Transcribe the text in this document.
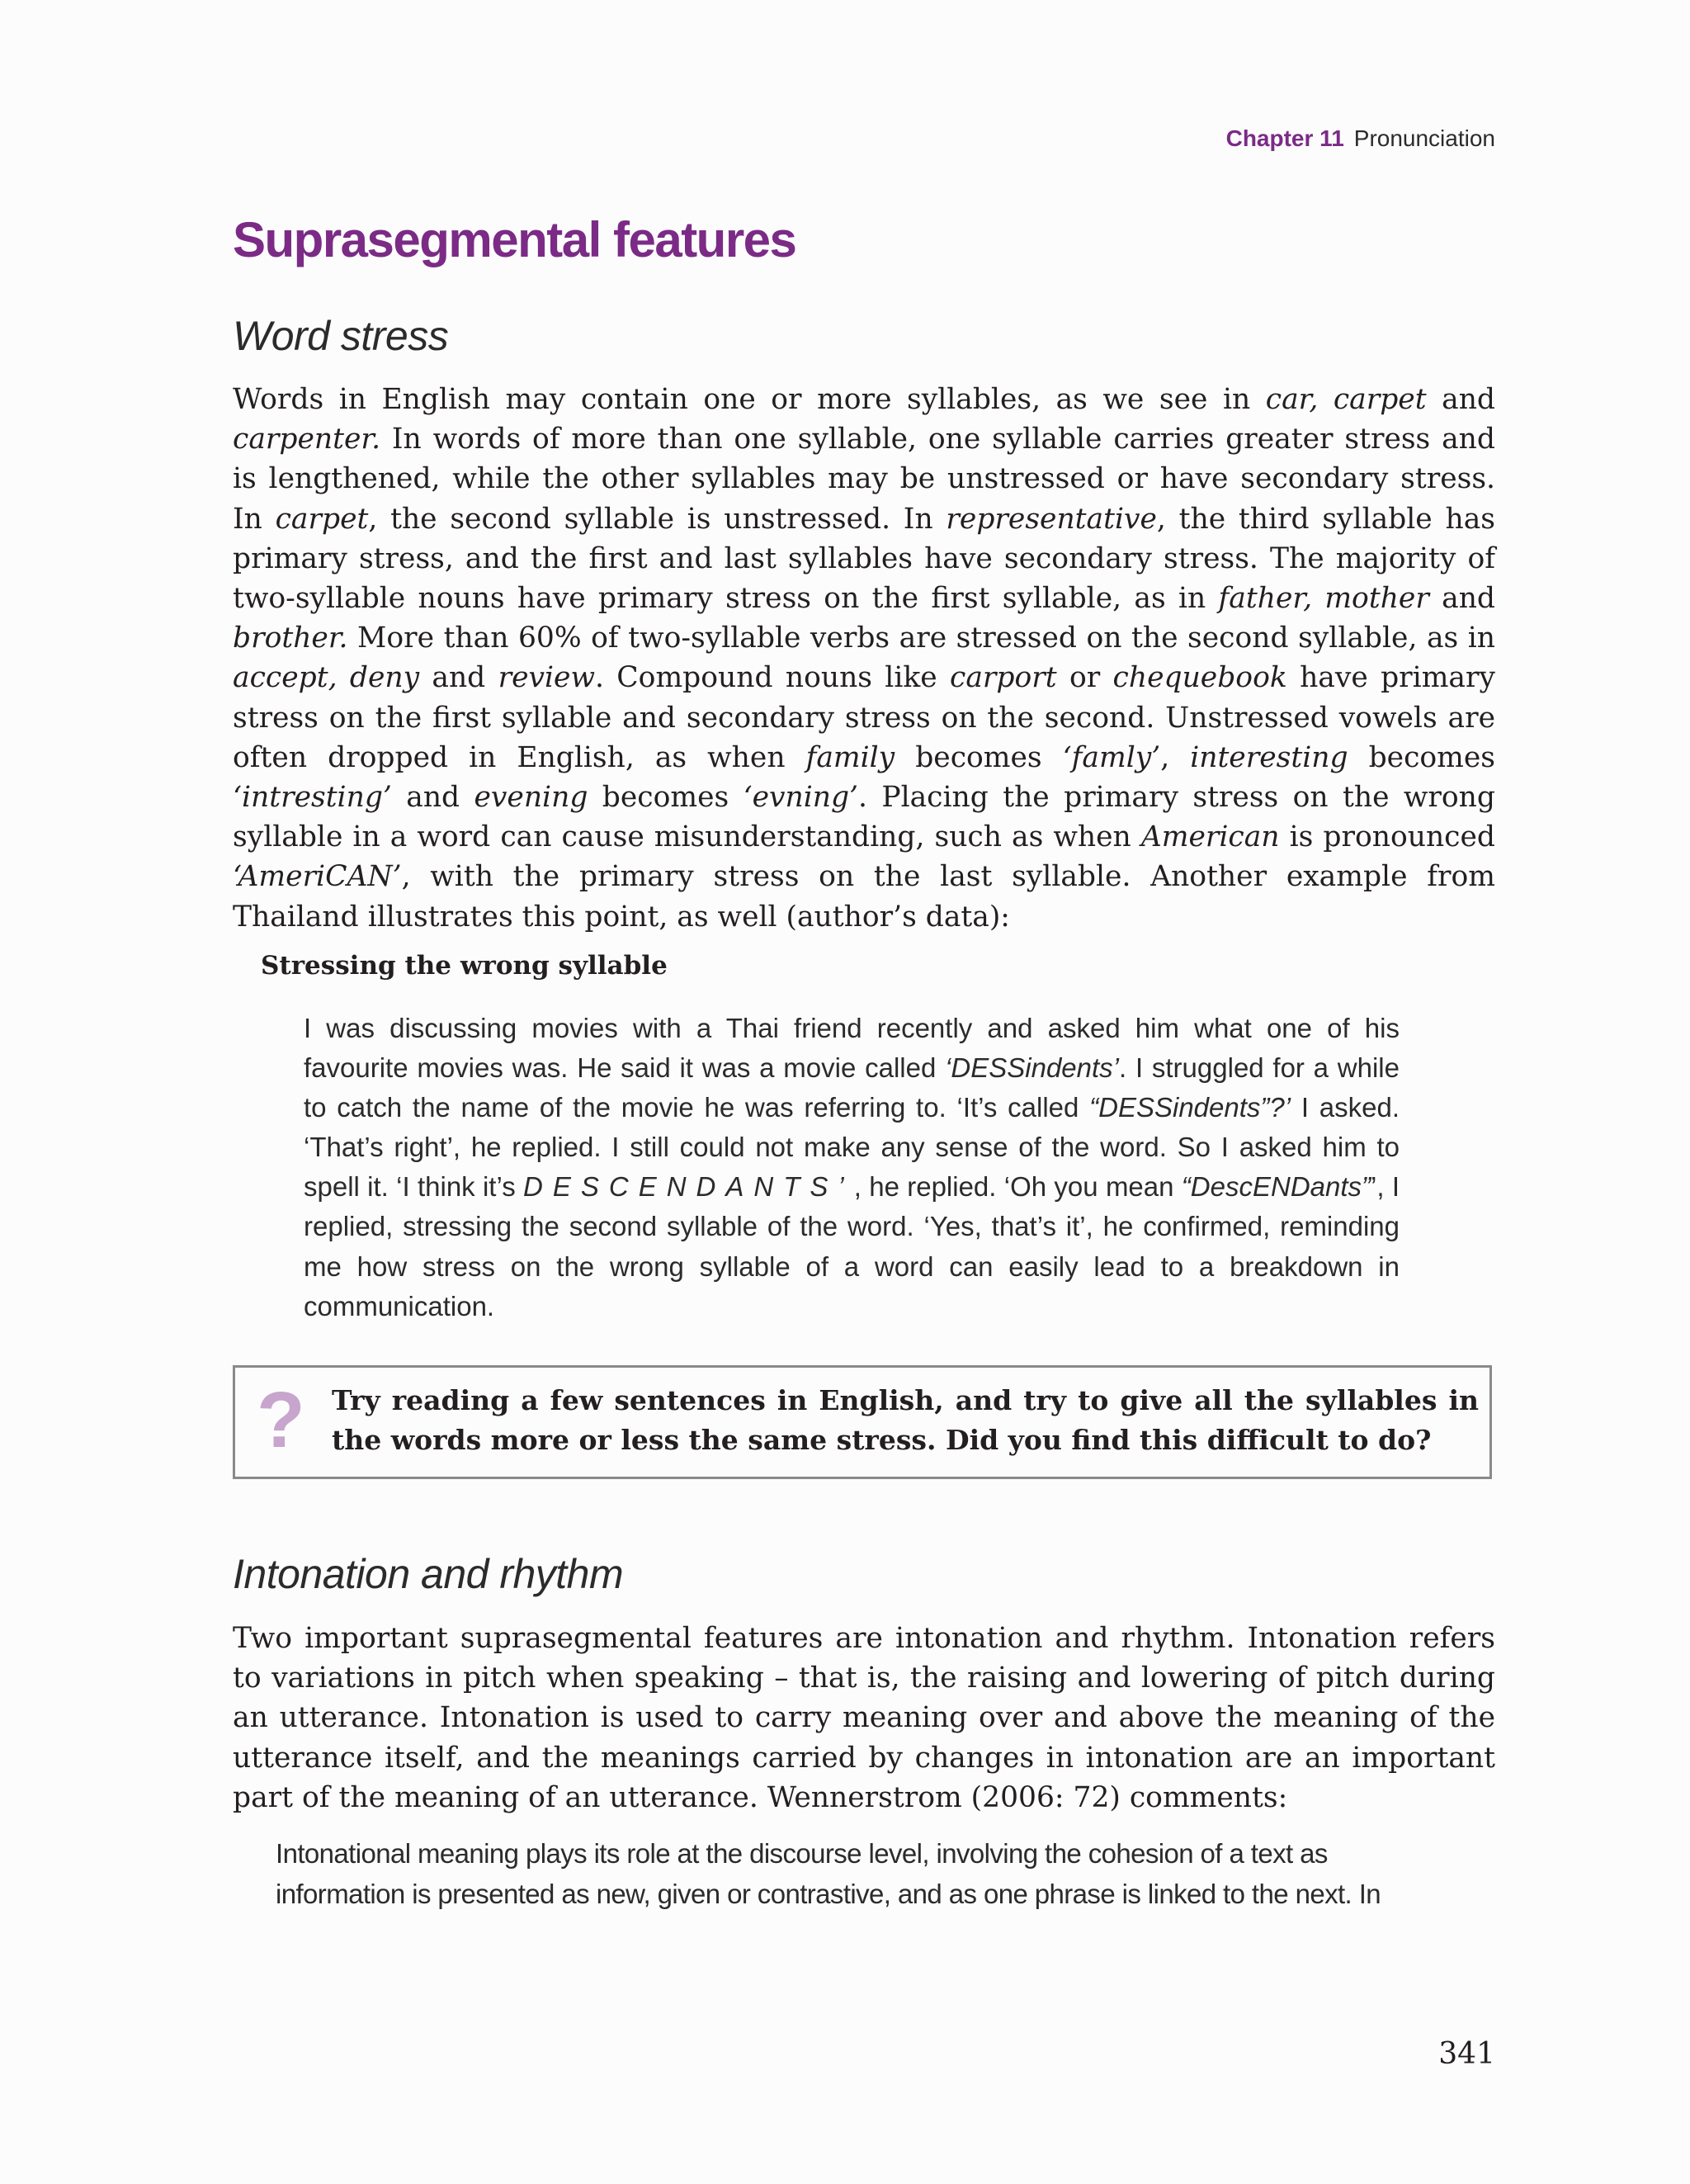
Chapter 11 Pronunciation
Suprasegmental features
Word stress

Words in English may contain one or more syllables, as we see in car, carpet and carpenter. In words of more than one syllable, one syllable carries greater stress and is lengthened, while the other syllables may be unstressed or have secondary stress. In carpet, the second syllable is unstressed. In representative, the third syllable has primary stress, and the first and last syllables have secondary stress. The majority of two-syllable nouns have primary stress on the first syllable, as in father, mother and brother. More than 60% of two-syllable verbs are stressed on the second syllable, as in accept, deny and review. Compound nouns like carport or chequebook have primary stress on the first syllable and secondary stress on the second. Unstressed vowels are often dropped in English, as when family becomes ‘famly’, interesting becomes ‘intresting’ and evening becomes ‘evning’. Placing the primary stress on the wrong syllable in a word can cause misunderstanding, such as when American is pronounced ‘AmeriCAN’, with the primary stress on the last syllable. Another example from Thailand illustrates this point, as well (author’s data):

Stressing the wrong syllable

I was discussing movies with a Thai friend recently and asked him what one of his favourite movies was. He said it was a movie called ‘DESSindents’. I struggled for a while to catch the name of the movie he was referring to. ‘It’s called “DESSindents”?’ I asked. ‘That’s right’, he replied. I still could not make any sense of the word. So I asked him to spell it. ‘I think it’s DESCENDANTS’, he replied. ‘Oh you mean “DescENDants”’, I replied, stressing the second syllable of the word. ‘Yes, that’s it’, he confirmed, reminding me how stress on the wrong syllable of a word can easily lead to a breakdown in communication.

? Try reading a few sentences in English, and try to give all the syllables in the words more or less the same stress. Did you find this difficult to do?

Intonation and rhythm

Two important suprasegmental features are intonation and rhythm. Intonation refers to variations in pitch when speaking – that is, the raising and lowering of pitch during an utterance. Intonation is used to carry meaning over and above the meaning of the utterance itself, and the meanings carried by changes in intonation are an important part of the meaning of an utterance. Wennerstrom (2006: 72) comments:

Intonational meaning plays its role at the discourse level, involving the cohesion of a text as information is presented as new, given or contrastive, and as one phrase is linked to the next. In

341
